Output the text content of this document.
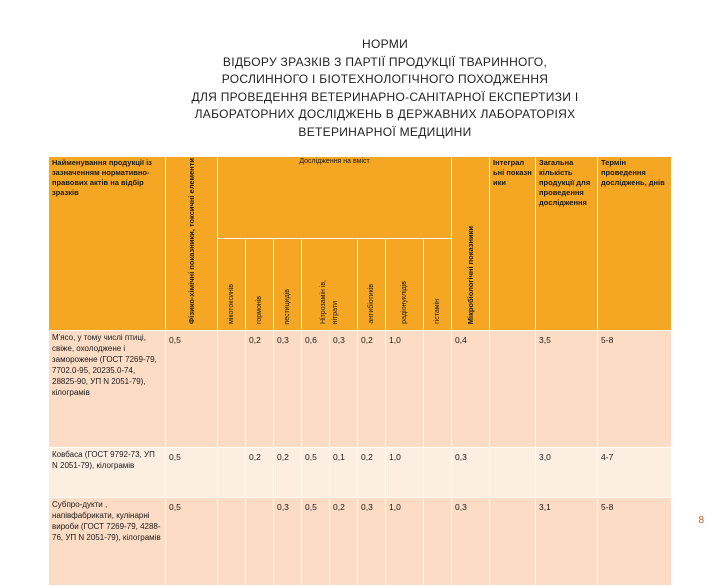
НОРМИ
ВІДБОРУ ЗРАЗКІВ З ПАРТІЇ ПРОДУКЦІЇ ТВАРИННОГО,
РОСЛИННОГО І БІОТЕХНОЛОГІЧНОГО ПОХОДЖЕННЯ
ДЛЯ ПРОВЕДЕННЯ ВЕТЕРИНАРНО-САНІТАРНОЇ ЕКСПЕРТИЗИ І
ЛАБОРАТОРНИХ ДОСЛІДЖЕНЬ В ДЕРЖАВНИХ ЛАБОРАТОРІЯХ
ВЕТЕРИНАРНОЇ МЕДИЦИНИ
Найменування продукції із зазначенням нормативно-правових актів на відбір зразків	Фізико-хімічні показники, токсичні елементи	Дослідження на вміст								Мікробіологічні показники	Інтеграл ьні показн ики	Загальна кількість продукції для проведення дослідження	Термін проведення досліджень, днів
		мікотоксинів	гормонів	пестицидів	Нітрозамін ів, нітрати		антибіотиків	радіонуклідів	гістамін				
М'ясо, у тому числі птиці, свіже, охолоджене і заморожене (ГОСТ 7269-79, 7702.0-95, 20235.0-74, 28825-90, УП N 2051-79), кілограмів	0,5		0,2	0,3	0,6	0,3	0,2	1,0		0,4		3,5	5-8
Ковбаса (ГОСТ 9792-73, УП N 2051-79), кілограмів	0,5		0,2	0,2	0,5	0,1	0,2	1,0		0,3		3,0	4-7
Субпро-дукти , напівфабрикати, кулінарні вироби (ГОСТ 7269-79, 4288-76, УП N 2051-79), кілограмів	0,5			0,3	0,5	0,2	0,3	1,0		0,3		3,1	5-8
8
